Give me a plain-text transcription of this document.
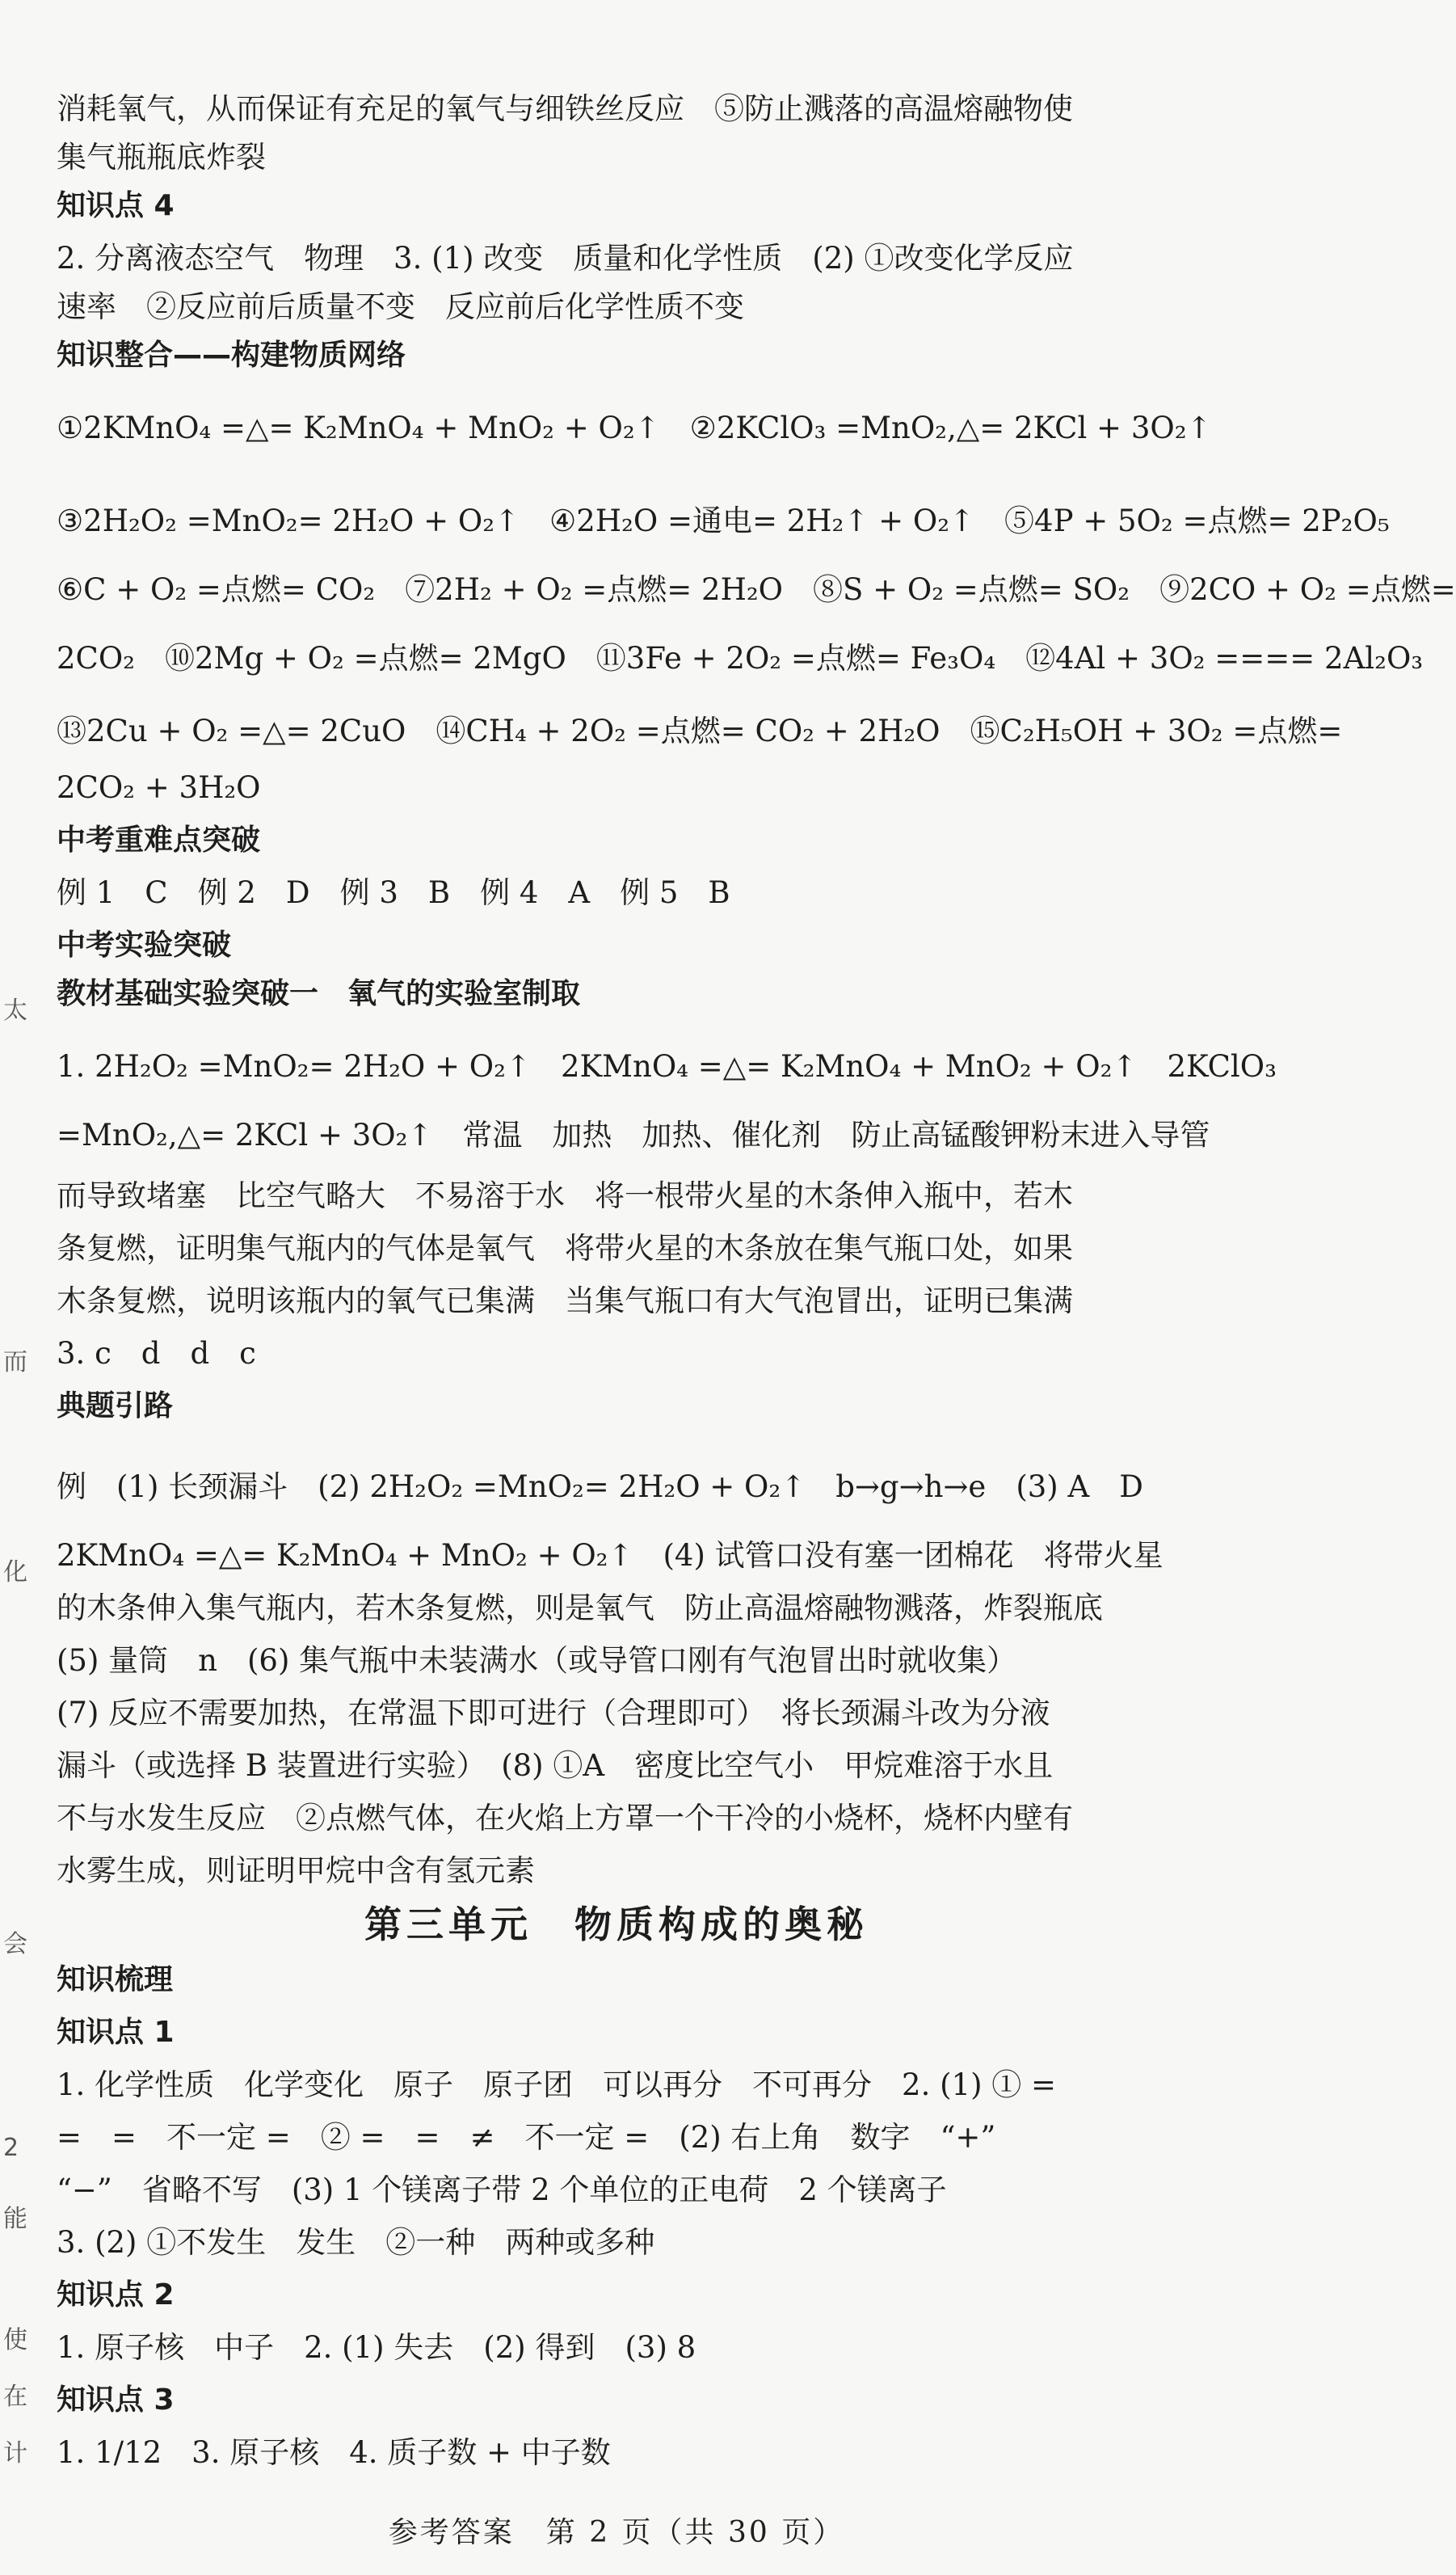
太
而
化
会
2
能
使
在
计
消耗氧气，从而保证有充足的氧气与细铁丝反应　⑤防止溅落的高温熔融物使
集气瓶瓶底炸裂
知识点 4
2. 分离液态空气　物理　3. (1) 改变　质量和化学性质　(2) ①改变化学反应
速率　②反应前后质量不变　反应前后化学性质不变
知识整合——构建物质网络
①2KMnO₄ =△= K₂MnO₄ + MnO₂ + O₂↑　②2KClO₃ =MnO₂,△= 2KCl + 3O₂↑
③2H₂O₂ =MnO₂= 2H₂O + O₂↑　④2H₂O =通电= 2H₂↑ + O₂↑　⑤4P + 5O₂ =点燃= 2P₂O₅
⑥C + O₂ =点燃= CO₂　⑦2H₂ + O₂ =点燃= 2H₂O　⑧S + O₂ =点燃= SO₂　⑨2CO + O₂ =点燃=
2CO₂　⑩2Mg + O₂ =点燃= 2MgO　⑪3Fe + 2O₂ =点燃= Fe₃O₄　⑫4Al + 3O₂ ==== 2Al₂O₃
⑬2Cu + O₂ =△= 2CuO　⑭CH₄ + 2O₂ =点燃= CO₂ + 2H₂O　⑮C₂H₅OH + 3O₂ =点燃=
2CO₂ + 3H₂O
中考重难点突破
例 1　C　例 2　D　例 3　B　例 4　A　例 5　B
中考实验突破
教材基础实验突破一　氧气的实验室制取
1. 2H₂O₂ =MnO₂= 2H₂O + O₂↑　2KMnO₄ =△= K₂MnO₄ + MnO₂ + O₂↑　2KClO₃
=MnO₂,△= 2KCl + 3O₂↑　常温　加热　加热、催化剂　防止高锰酸钾粉末进入导管
而导致堵塞　比空气略大　不易溶于水　将一根带火星的木条伸入瓶中，若木
条复燃，证明集气瓶内的气体是氧气　将带火星的木条放在集气瓶口处，如果
木条复燃，说明该瓶内的氧气已集满　当集气瓶口有大气泡冒出，证明已集满
3. c　d　d　c
典题引路
例　(1) 长颈漏斗　(2) 2H₂O₂ =MnO₂= 2H₂O + O₂↑　b→g→h→e　(3) A　D
2KMnO₄ =△= K₂MnO₄ + MnO₂ + O₂↑　(4) 试管口没有塞一团棉花　将带火星
的木条伸入集气瓶内，若木条复燃，则是氧气　防止高温熔融物溅落，炸裂瓶底
(5) 量筒　n　(6) 集气瓶中未装满水（或导管口刚有气泡冒出时就收集）
(7) 反应不需要加热，在常温下即可进行（合理即可）　将长颈漏斗改为分液
漏斗（或选择 B 装置进行实验）　(8) ①A　密度比空气小　甲烷难溶于水且
不与水发生反应　②点燃气体，在火焰上方罩一个干冷的小烧杯，烧杯内壁有
水雾生成，则证明甲烷中含有氢元素
第三单元　物质构成的奥秘
知识梳理
知识点 1
1. 化学性质　化学变化　原子　原子团　可以再分　不可再分　2. (1) ① =
=　=　不一定 =　② =　=　≠　不一定 =　(2) 右上角　数字　“+”
“−”　省略不写　(3) 1 个镁离子带 2 个单位的正电荷　2 个镁离子
3. (2) ①不发生　发生　②一种　两种或多种
知识点 2
1. 原子核　中子　2. (1) 失去　(2) 得到　(3) 8
知识点 3
1. 1/12　3. 原子核　4. 质子数 + 中子数
参考答案　第 2 页（共 30 页）
